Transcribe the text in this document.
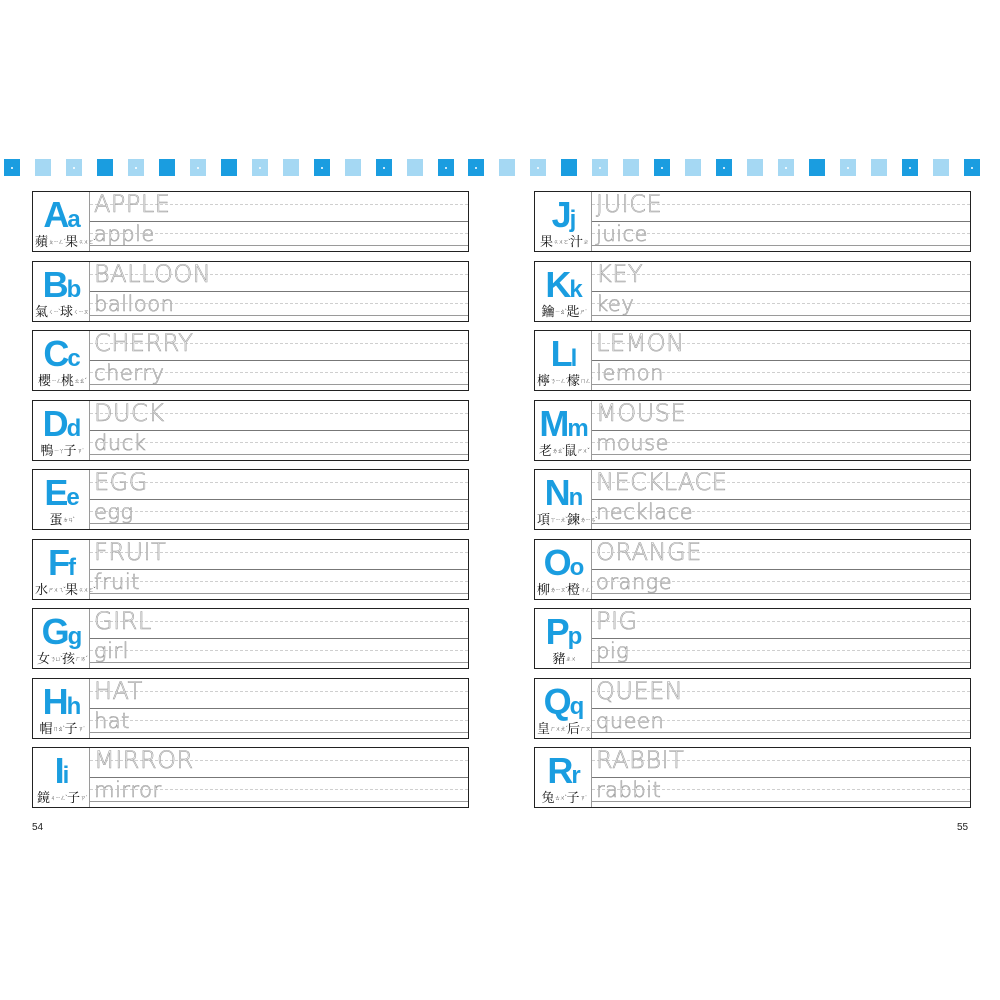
Aa
蘋ㄆㄧㄥˊ果ㄍㄨㄛˇ
APPLE
apple
Bb
氣ㄑㄧˋ球ㄑㄧㄡˊ
BALLOON
balloon
Cc
櫻ㄧㄥ桃ㄊㄠˊ
CHERRY
cherry
Dd
鴨ㄧㄚ子ㄗ˙
DUCK
duck
Ee
蛋ㄉㄢˋ
EGG
egg
Ff
水ㄕㄨㄟˇ果ㄍㄨㄛˇ
FRUIT
fruit
Gg
女ㄋㄩˇ孩ㄏㄞˊ
GIRL
girl
Hh
帽ㄇㄠˋ子ㄗ˙
HAT
hat
Ii
鏡ㄐㄧㄥˋ子ㄗ˙
MIRROR
mirror
Jj
果ㄍㄨㄛˇ汁ㄓ
JUICE
juice
Kk
鑰ㄧㄠˋ匙ㄕ˙
KEY
key
Ll
檸ㄋㄧㄥˊ檬ㄇㄥˊ
LEMON
lemon
Mm
老ㄌㄠˇ鼠ㄕㄨˇ
MOUSE
mouse
Nn
項ㄒㄧㄤˋ鍊ㄌㄧㄢˋ
NECKLACE
necklace
Oo
柳ㄌㄧㄡˇ橙ㄔㄥˊ
ORANGE
orange
Pp
豬ㄓㄨ
PIG
pig
Qq
皇ㄏㄨㄤˊ后ㄏㄡˋ
QUEEN
queen
Rr
兔ㄊㄨˋ子ㄗ˙
RABBIT
rabbit
54	55
